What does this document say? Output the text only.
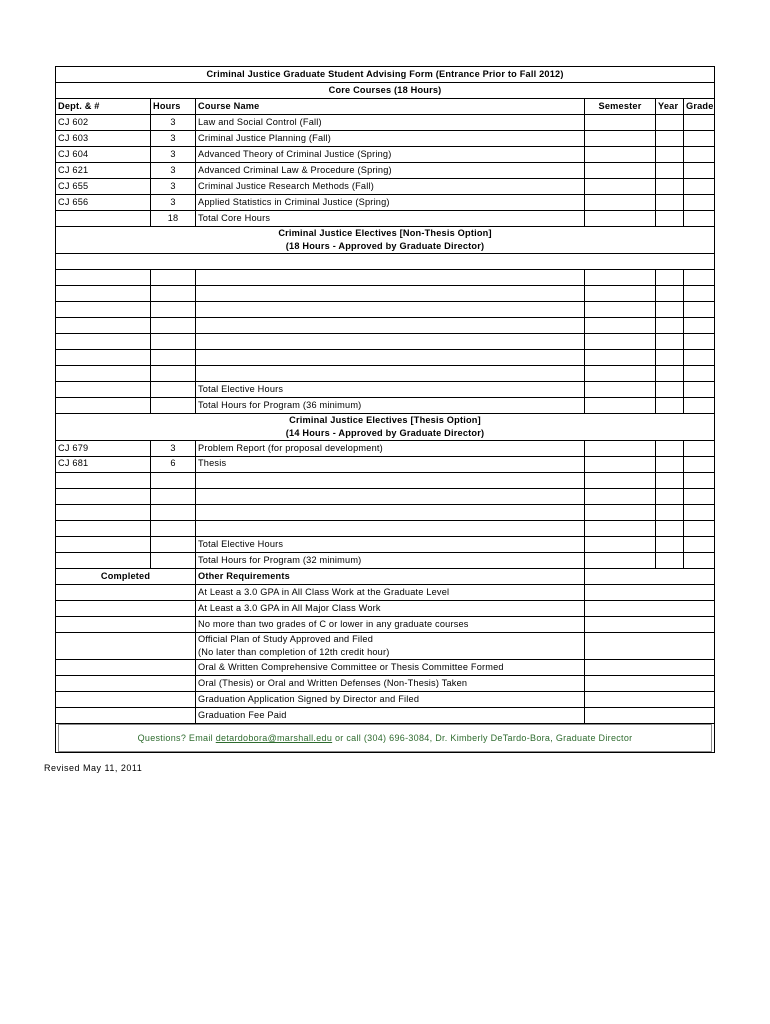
Criminal Justice Graduate Student Advising Form (Entrance Prior to Fall 2012)					
Core Courses (18 Hours)					
Dept. & #	Hours	Course Name	Semester	Year	Grade
CJ 602	3	Law and Social Control (Fall)			
CJ 603	3	Criminal Justice Planning (Fall)			
CJ 604	3	Advanced Theory of Criminal Justice (Spring)			
CJ 621	3	Advanced Criminal Law & Procedure (Spring)			
CJ 655	3	Criminal Justice Research Methods (Fall)			
CJ 656	3	Applied Statistics in Criminal Justice (Spring)			
	18	Total Core Hours			

Criminal Justice Electives [Non-Thesis Option]
(18 Hours - Approved by Graduate Director)					

		Total Elective Hours			
		Total Hours for Program (36 minimum)			

Criminal Justice Electives [Thesis Option]
(14 Hours - Approved by Graduate Director)					

CJ 679	3	Problem Report (for proposal development)			
CJ 681	6	Thesis			

		Total Elective Hours			
		Total Hours for Program (32 minimum)			
Completed		Other Requirements			
		At Least a 3.0 GPA in All Class Work at the Graduate Level			
		At Least a 3.0 GPA in All Major Class Work			
		No more than two grades of C or lower in any graduate courses			

		Official Plan of Study Approved and Filed
(No later than completion of 12th credit hour)			

		Oral & Written Comprehensive Committee or Thesis Committee Formed			
		Oral (Thesis) or Oral and Written Defenses (Non-Thesis) Taken			
		Graduation Application Signed by Director and Filed			
		Graduation Fee Paid			

Questions? Email detardobora@marshall.edu or call (304) 696-3084, Dr. Kimberly DeTardo-Bora, Graduate Director					
Revised May 11, 2011
